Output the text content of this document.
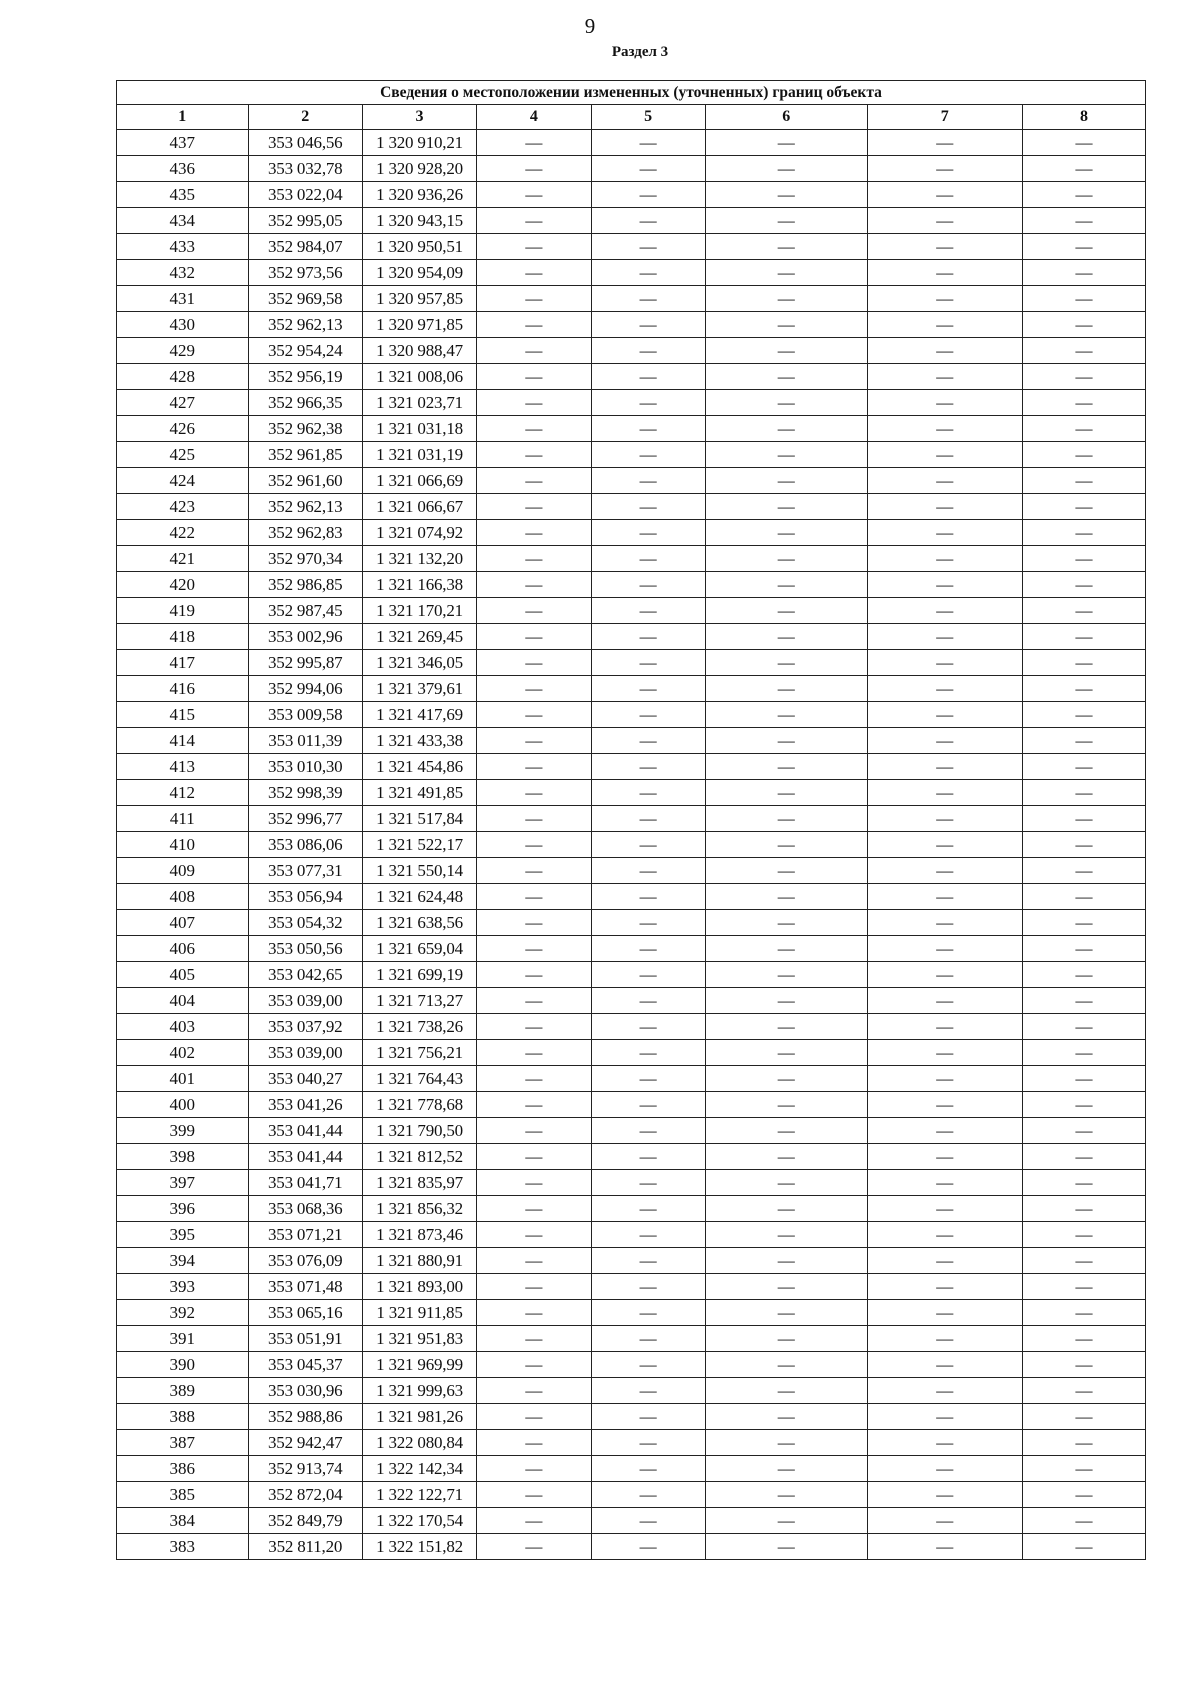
9
Раздел 3
Сведения о местоположении измененных (уточненных) границ объекта							
1	2	3	4	5	6	7	8
437	353 046,56	1 320 910,21	—	—	—	—	—
436	353 032,78	1 320 928,20	—	—	—	—	—
435	353 022,04	1 320 936,26	—	—	—	—	—
434	352 995,05	1 320 943,15	—	—	—	—	—
433	352 984,07	1 320 950,51	—	—	—	—	—
432	352 973,56	1 320 954,09	—	—	—	—	—
431	352 969,58	1 320 957,85	—	—	—	—	—
430	352 962,13	1 320 971,85	—	—	—	—	—
429	352 954,24	1 320 988,47	—	—	—	—	—
428	352 956,19	1 321 008,06	—	—	—	—	—
427	352 966,35	1 321 023,71	—	—	—	—	—
426	352 962,38	1 321 031,18	—	—	—	—	—
425	352 961,85	1 321 031,19	—	—	—	—	—
424	352 961,60	1 321 066,69	—	—	—	—	—
423	352 962,13	1 321 066,67	—	—	—	—	—
422	352 962,83	1 321 074,92	—	—	—	—	—
421	352 970,34	1 321 132,20	—	—	—	—	—
420	352 986,85	1 321 166,38	—	—	—	—	—
419	352 987,45	1 321 170,21	—	—	—	—	—
418	353 002,96	1 321 269,45	—	—	—	—	—
417	352 995,87	1 321 346,05	—	—	—	—	—
416	352 994,06	1 321 379,61	—	—	—	—	—
415	353 009,58	1 321 417,69	—	—	—	—	—
414	353 011,39	1 321 433,38	—	—	—	—	—
413	353 010,30	1 321 454,86	—	—	—	—	—
412	352 998,39	1 321 491,85	—	—	—	—	—
411	352 996,77	1 321 517,84	—	—	—	—	—
410	353 086,06	1 321 522,17	—	—	—	—	—
409	353 077,31	1 321 550,14	—	—	—	—	—
408	353 056,94	1 321 624,48	—	—	—	—	—
407	353 054,32	1 321 638,56	—	—	—	—	—
406	353 050,56	1 321 659,04	—	—	—	—	—
405	353 042,65	1 321 699,19	—	—	—	—	—
404	353 039,00	1 321 713,27	—	—	—	—	—
403	353 037,92	1 321 738,26	—	—	—	—	—
402	353 039,00	1 321 756,21	—	—	—	—	—
401	353 040,27	1 321 764,43	—	—	—	—	—
400	353 041,26	1 321 778,68	—	—	—	—	—
399	353 041,44	1 321 790,50	—	—	—	—	—
398	353 041,44	1 321 812,52	—	—	—	—	—
397	353 041,71	1 321 835,97	—	—	—	—	—
396	353 068,36	1 321 856,32	—	—	—	—	—
395	353 071,21	1 321 873,46	—	—	—	—	—
394	353 076,09	1 321 880,91	—	—	—	—	—
393	353 071,48	1 321 893,00	—	—	—	—	—
392	353 065,16	1 321 911,85	—	—	—	—	—
391	353 051,91	1 321 951,83	—	—	—	—	—
390	353 045,37	1 321 969,99	—	—	—	—	—
389	353 030,96	1 321 999,63	—	—	—	—	—
388	352 988,86	1 321 981,26	—	—	—	—	—
387	352 942,47	1 322 080,84	—	—	—	—	—
386	352 913,74	1 322 142,34	—	—	—	—	—
385	352 872,04	1 322 122,71	—	—	—	—	—
384	352 849,79	1 322 170,54	—	—	—	—	—
383	352 811,20	1 322 151,82	—	—	—	—	—
